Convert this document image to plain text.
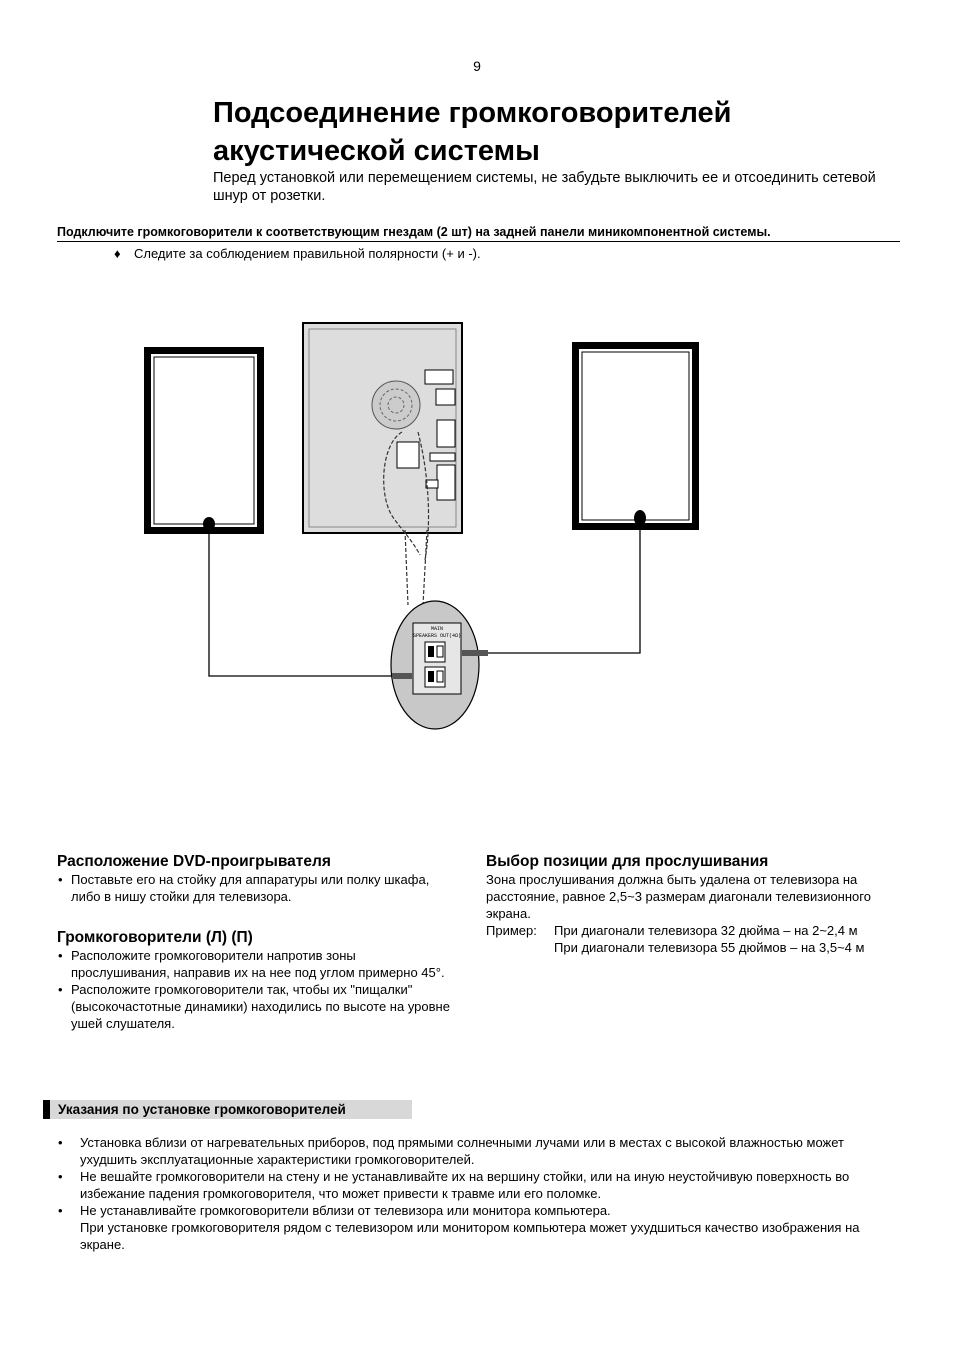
9
Подсоединение громкоговорителей
акустической системы
Перед установкой или перемещением системы, не забудьте выключить ее и отсоединить сетевой шнур от розетки.
Подключите громкоговорители к соответствующим гнездам (2 шт) на задней панели миникомпонентной системы.
♦ Следите за соблюдением правильной полярности (+ и -).
MAIN
SPEAKERS OUT(4Ω)
Расположение DVD-проигрывателя
• Поставьте его на стойку для аппаратуры или полку шкафа, либо в нишу стойки для телевизора.
Громкоговорители (Л) (П)
• Расположите громкоговорители напротив зоны прослушивания, направив их на нее под углом примерно 45°.
• Расположите громкоговорители так, чтобы их "пищалки" (высокочастотные динамики) находились по высоте на уровне ушей слушателя.
Выбор позиции для прослушивания
Зона прослушивания должна быть удалена от телевизора на расстояние, равное 2,5~3 размерам диагонали телевизионного экрана.
Пример:	При диагонали телевизора 32 дюйма – на 2~2,4 м
При диагонали телевизора 55 дюймов – на 3,5~4 м
Указания по установке громкоговорителей
• Установка вблизи от нагревательных приборов, под прямыми солнечными лучами или в местах с высокой влажностью может ухудшить эксплуатационные характеристики громкоговорителей.
• Не вешайте громкоговорители на стену и не устанавливайте их на вершину стойки, или на иную неустойчивую поверхность во избежание падения громкоговорителя, что может привести к травме или его поломке.
• Не устанавливайте громкоговорители вблизи от телевизора или монитора компьютера.
При установке громкоговорителя рядом с телевизором или монитором компьютера может ухудшиться качество изображения на экране.
